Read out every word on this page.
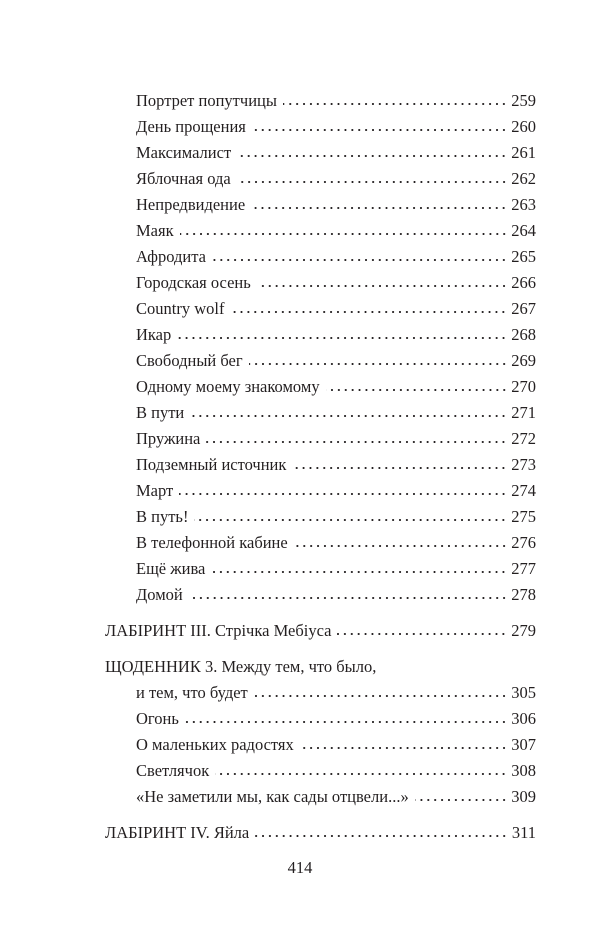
Портрет попутчицы	259
День прощения	260
Максималист	261
Яблочная ода	262
Непредвидение	263
Маяк	264
Афродита	265
Городская осень	266
Country wolf	267
Икар	268
Свободный бег	269
Одному моему знакомому	270
В пути	271
Пружина	272
Подземный источник	273
Март	274
В путь!	275
В телефонной кабине	276
Ещё жива	277
Домой	278
ЛАБІРИНТ ІІІ. Стрічка Мебіуса	279
ЩОДЕННИК 3. Между тем, что было,
и тем, что будет	305
Огонь	306
О маленьких радостях	307
Светлячок	308
«Не заметили мы, как сады отцвели...»	309
ЛАБІРИНТ IV. Яйла	311
414
